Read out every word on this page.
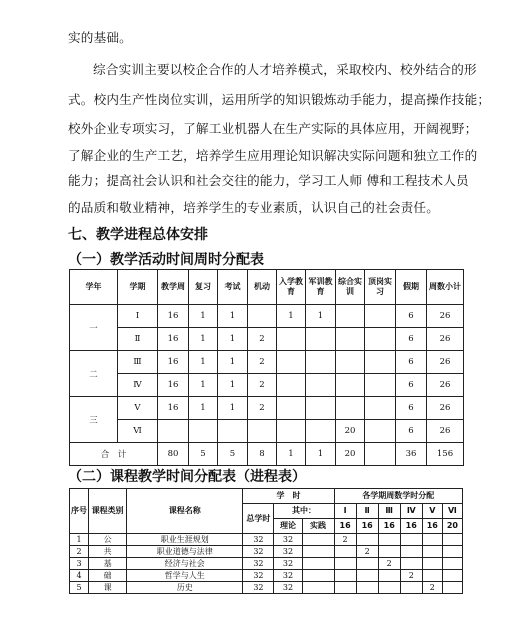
实的基础。
综合实训主要以校企合作的人才培养模式，采取校内、校外结合的形
式。校内生产性岗位实训，运用所学的知识锻炼动手能力，提高操作技能；
校外企业专项实习，了解工业机器人在生产实际的具体应用，开阔视野；
了解企业的生产工艺，培养学生应用理论知识解决实际问题和独立工作的
能力；提高社会认识和社会交往的能力，学习工人师 傅和工程技术人员
的品质和敬业精神，培养学生的专业素质，认识自己的社会责任。
七、教学进程总体安排
（一）教学活动时间周时分配表
学年	学期	教学周	复习	考试	机动	入学教育	军训教育	综合实训	顶岗实习	假期	周数小计
一	Ⅰ	16	1	1		1	1			6	26
	Ⅱ	16	1	1	2					6	26
二	Ⅲ	16	1	1	2					6	26
	Ⅳ	16	1	1	2					6	26
三	Ⅴ	16	1	1	2					6	26
	Ⅵ							20		6	26
合　计		80	5	5	8	1	1	20		36	156
（二）课程教学时间分配表（进程表）
序号	课程类别	课程名称	学　时			各学期周数学时分配					
			总学时	其中：		Ⅰ	Ⅱ	Ⅲ	Ⅳ	Ⅴ	Ⅵ
				理论	实践	16	16	16	16	16	20
1	公	职业生涯规划	32	32		2					
2	共	职业道德与法律	32	32			2				
3	基	经济与社会	32	32				2			
4	础	哲学与人生	32	32					2		
5	课	历史	32	32						2	
